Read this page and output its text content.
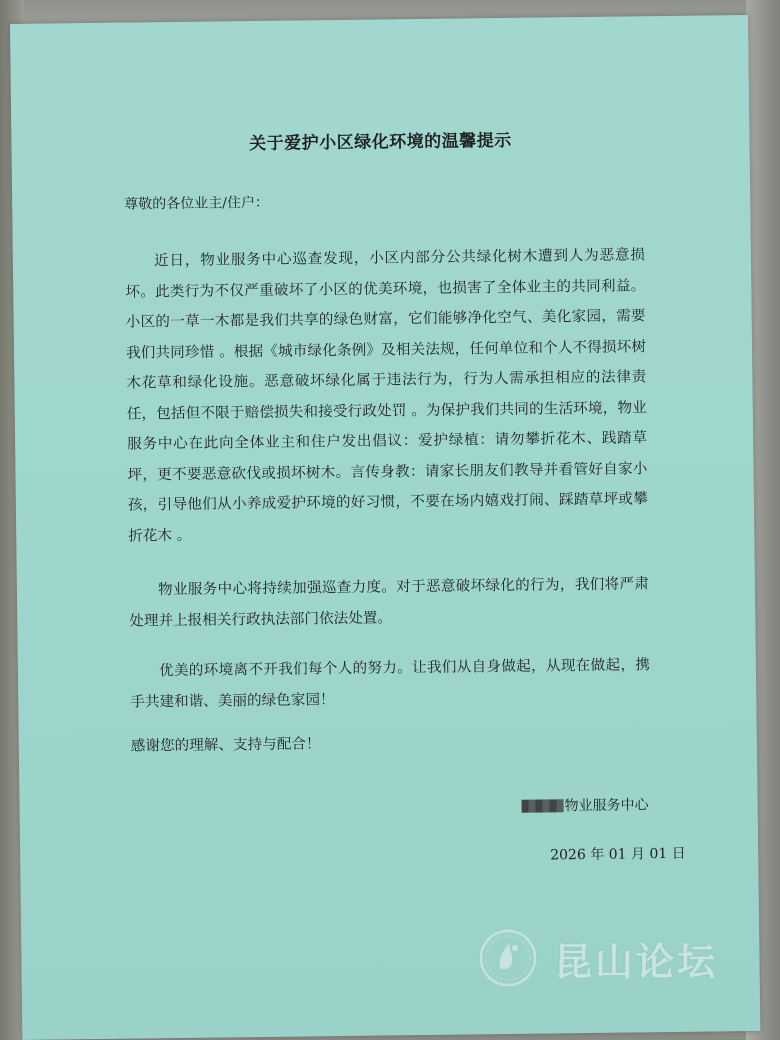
关于爱护小区绿化环境的温馨提示
尊敬的各位业主/住户：

近日，物业服务中心巡查发现，小区内部分公共绿化树木遭到人为恶意损坏。此类行为不仅严重破坏了小区的优美环境，也损害了全体业主的共同利益。小区的一草一木都是我们共享的绿色财富，它们能够净化空气、美化家园，需要我们共同珍惜 。根据《城市绿化条例》及相关法规，任何单位和个人不得损坏树木花草和绿化设施。恶意破坏绿化属于违法行为，行为人需承担相应的法律责任，包括但不限于赔偿损失和接受行政处罚 。为保护我们共同的生活环境，物业服务中心在此向全体业主和住户发出倡议：爱护绿植：请勿攀折花木、践踏草坪，更不要恶意砍伐或损坏树木。言传身教：请家长朋友们教导并看管好自家小孩，引导他们从小养成爱护环境的好习惯，不要在场内嬉戏打闹、踩踏草坪或攀折花木 。

物业服务中心将持续加强巡查力度。对于恶意破坏绿化的行为，我们将严肃处理并上报相关行政执法部门依法处置。

优美的环境离不开我们每个人的努力。让我们从自身做起，从现在做起，携手共建和谐、美丽的绿色家园！

感谢您的理解、支持与配合！
物业服务中心
2026 年 01 月 01 日
昆山论坛
